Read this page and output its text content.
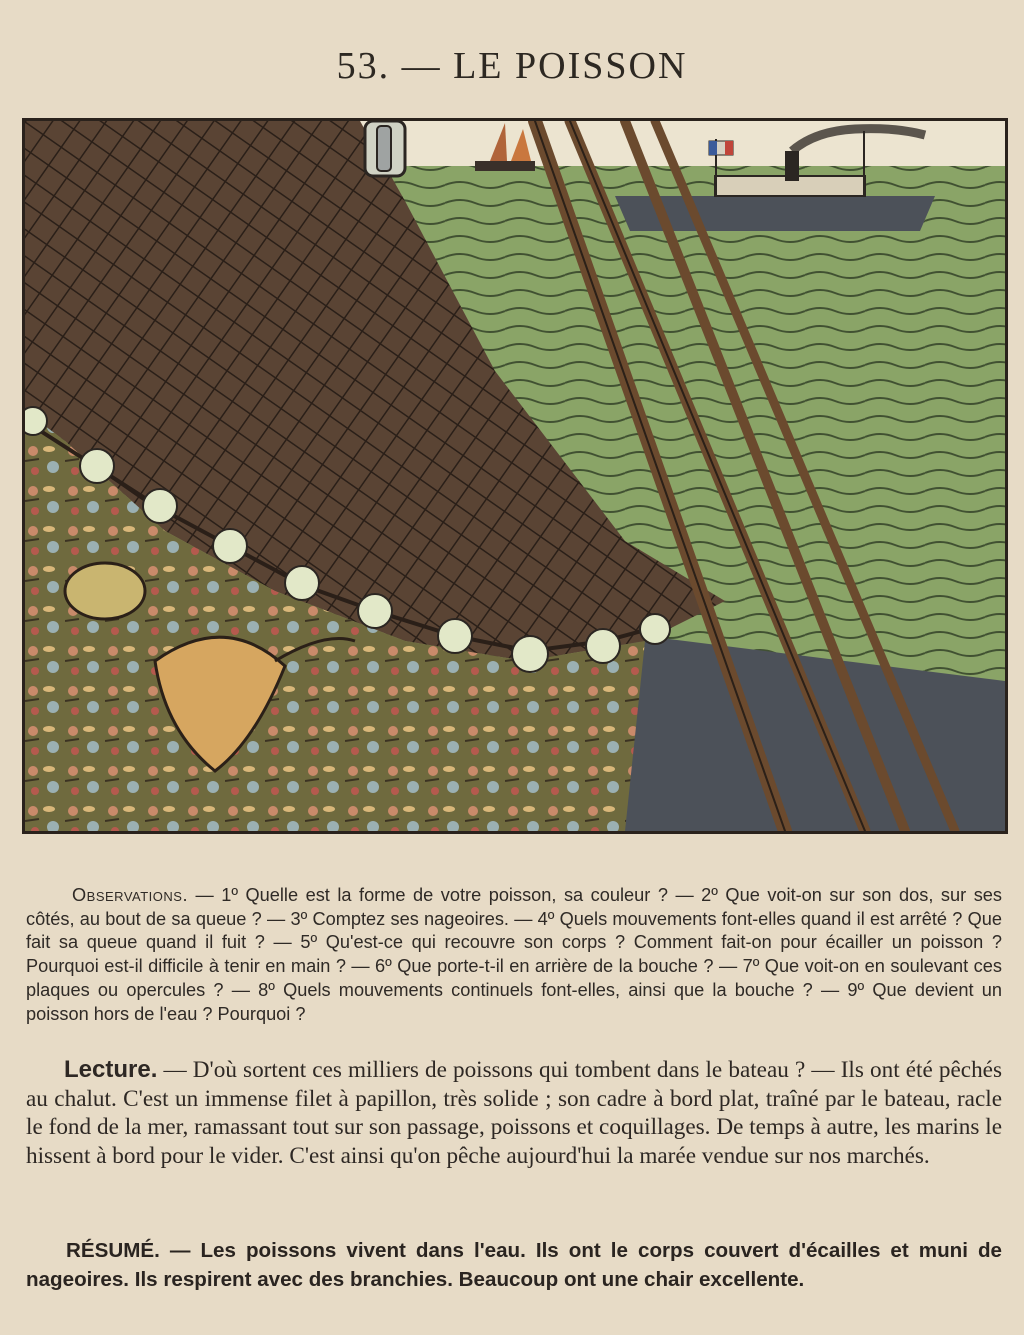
53. — LE POISSON
Observations. — 1º Quelle est la forme de votre poisson, sa couleur ? — 2º Que voit-on sur son dos, sur ses côtés, au bout de sa queue ? — 3º Comptez ses nageoires. — 4º Quels mouvements font-elles quand il est arrêté ? Que fait sa queue quand il fuit ? — 5º Qu'est-ce qui recouvre son corps ? Comment fait-on pour écailler un poisson ? Pourquoi est-il difficile à tenir en main ? — 6º Que porte-t-il en arrière de la bouche ? — 7º Que voit-on en soulevant ces plaques ou opercules ? — 8º Quels mouvements continuels font-elles, ainsi que la bouche ? — 9º Que devient un poisson hors de l'eau ? Pourquoi ?
Lecture. — D'où sortent ces milliers de poissons qui tombent dans le bateau ? — Ils ont été pêchés au chalut. C'est un immense filet à papillon, très solide ; son cadre à bord plat, traîné par le bateau, racle le fond de la mer, ramassant tout sur son passage, poissons et coquillages. De temps à autre, les marins le hissent à bord pour le vider. C'est ainsi qu'on pêche aujourd'hui la marée vendue sur nos marchés.
RÉSUMÉ. — Les poissons vivent dans l'eau. Ils ont le corps couvert d'écailles et muni de nageoires. Ils respirent avec des branchies. Beaucoup ont une chair excellente.
